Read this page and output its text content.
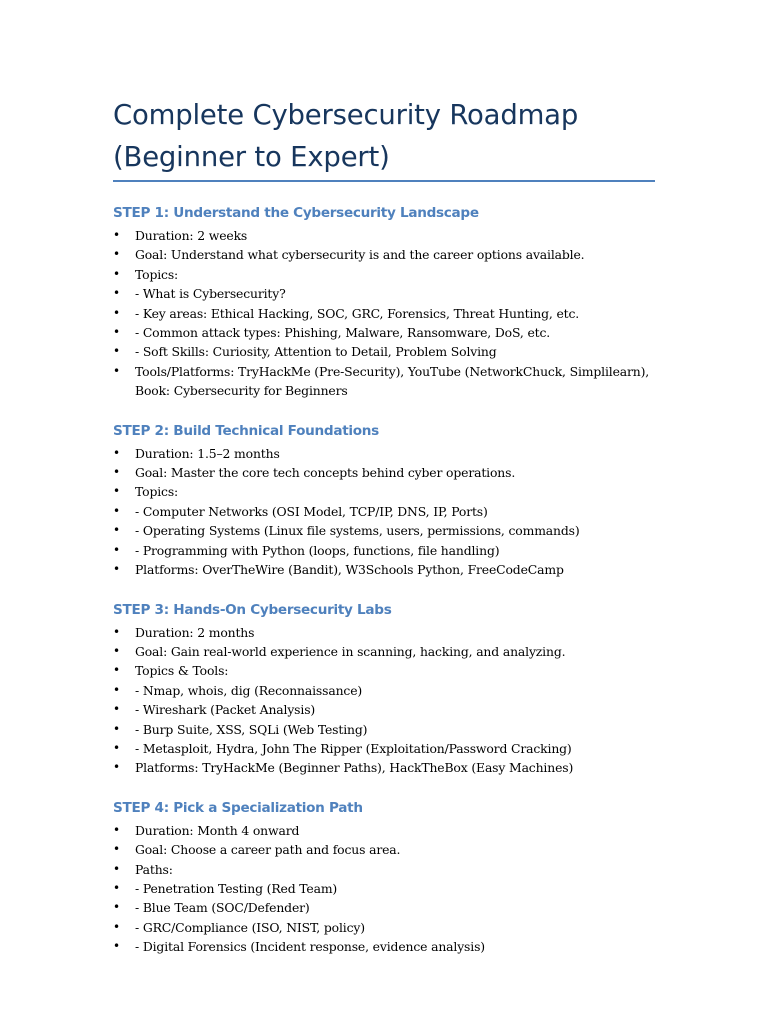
Complete Cybersecurity Roadmap
(Beginner to Expert)
STEP 1: Understand the Cybersecurity Landscape
• Duration: 2 weeks
• Goal: Understand what cybersecurity is and the career options available.
• Topics:
• - What is Cybersecurity?
• - Key areas: Ethical Hacking, SOC, GRC, Forensics, Threat Hunting, etc.
• - Common attack types: Phishing, Malware, Ransomware, DoS, etc.
• - Soft Skills: Curiosity, Attention to Detail, Problem Solving
• Tools/Platforms: TryHackMe (Pre-Security), YouTube (NetworkChuck, Simplilearn), Book: Cybersecurity for Beginners
STEP 2: Build Technical Foundations
• Duration: 1.5–2 months
• Goal: Master the core tech concepts behind cyber operations.
• Topics:
• - Computer Networks (OSI Model, TCP/IP, DNS, IP, Ports)
• - Operating Systems (Linux file systems, users, permissions, commands)
• - Programming with Python (loops, functions, file handling)
• Platforms: OverTheWire (Bandit), W3Schools Python, FreeCodeCamp
STEP 3: Hands-On Cybersecurity Labs
• Duration: 2 months
• Goal: Gain real-world experience in scanning, hacking, and analyzing.
• Topics & Tools:
• - Nmap, whois, dig (Reconnaissance)
• - Wireshark (Packet Analysis)
• - Burp Suite, XSS, SQLi (Web Testing)
• - Metasploit, Hydra, John The Ripper (Exploitation/Password Cracking)
• Platforms: TryHackMe (Beginner Paths), HackTheBox (Easy Machines)
STEP 4: Pick a Specialization Path
• Duration: Month 4 onward
• Goal: Choose a career path and focus area.
• Paths:
• - Penetration Testing (Red Team)
• - Blue Team (SOC/Defender)
• - GRC/Compliance (ISO, NIST, policy)
• - Digital Forensics (Incident response, evidence analysis)
